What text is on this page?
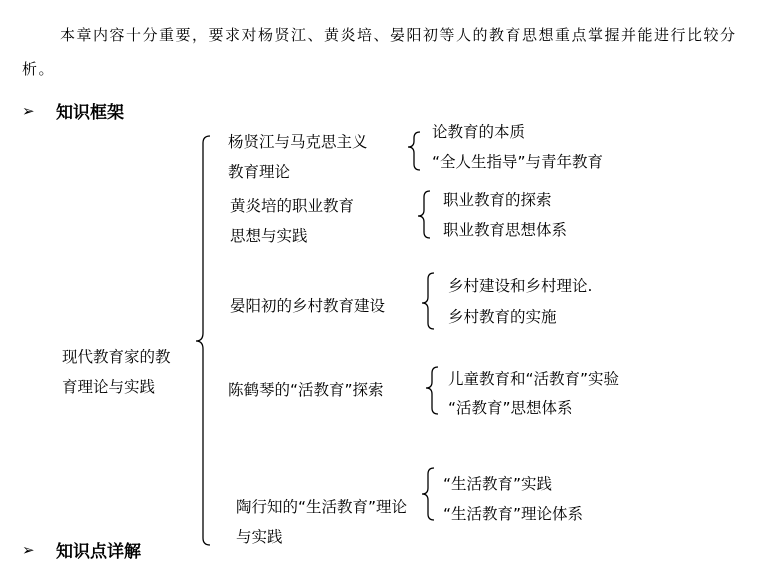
本章内容十分重要，要求对杨贤江、黄炎培、晏阳初等人的教育思想重点掌握并能进行比较分析。
➢	知识框架
➢	知识点详解
现代教育家的教
育理论与实践
杨贤江与马克思主义
教育理论
论教育的本质
“全人生指导”与青年教育
黄炎培的职业教育
思想与实践
职业教育的探索
职业教育思想体系
晏阳初的乡村教育建设
乡村建设和乡村理论.
乡村教育的实施
陈鹤琴的“活教育”探索
儿童教育和“活教育”实验
“活教育”思想体系
陶行知的“生活教育”理论
与实践
“生活教育”实践
“生活教育”理论体系
